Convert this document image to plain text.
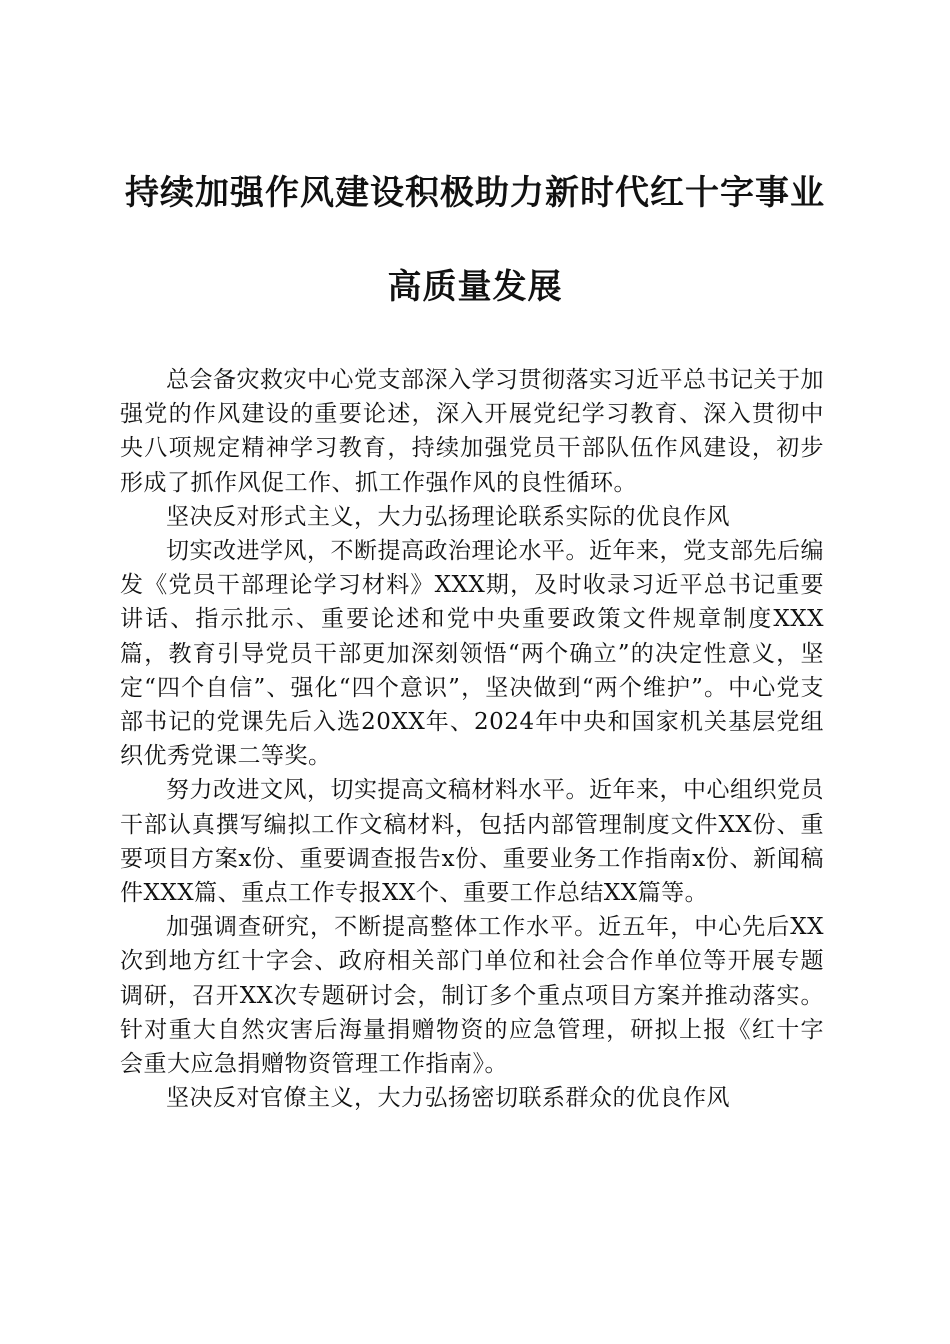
持续加强作风建设积极助力新时代红十字事业
高质量发展

总会备灾救灾中心党支部深入学习贯彻落实习近平总书记关于加强党的作风建设的重要论述，深入开展党纪学习教育、深入贯彻中央八项规定精神学习教育，持续加强党员干部队伍作风建设，初步形成了抓作风促工作、抓工作强作风的良性循环。

坚决反对形式主义，大力弘扬理论联系实际的优良作风

切实改进学风，不断提高政治理论水平。近年来，党支部先后编发《党员干部理论学习材料》XXX期，及时收录习近平总书记重要讲话、指示批示、重要论述和党中央重要政策文件规章制度XXX篇，教育引导党员干部更加深刻领悟“两个确立”的决定性意义，坚定“四个自信”、强化“四个意识”，坚决做到“两个维护”。中心党支部书记的党课先后入选20XX年、2024年中央和国家机关基层党组织优秀党课二等奖。

努力改进文风，切实提高文稿材料水平。近年来，中心组织党员干部认真撰写编拟工作文稿材料，包括内部管理制度文件XX份、重要项目方案x份、重要调查报告x份、重要业务工作指南x份、新闻稿件XXX篇、重点工作专报XX个、重要工作总结XX篇等。

加强调查研究，不断提高整体工作水平。近五年，中心先后XX次到地方红十字会、政府相关部门单位和社会合作单位等开展专题调研，召开XX次专题研讨会，制订多个重点项目方案并推动落实。针对重大自然灾害后海量捐赠物资的应急管理，研拟上报《红十字会重大应急捐赠物资管理工作指南》。

坚决反对官僚主义，大力弘扬密切联系群众的优良作风
